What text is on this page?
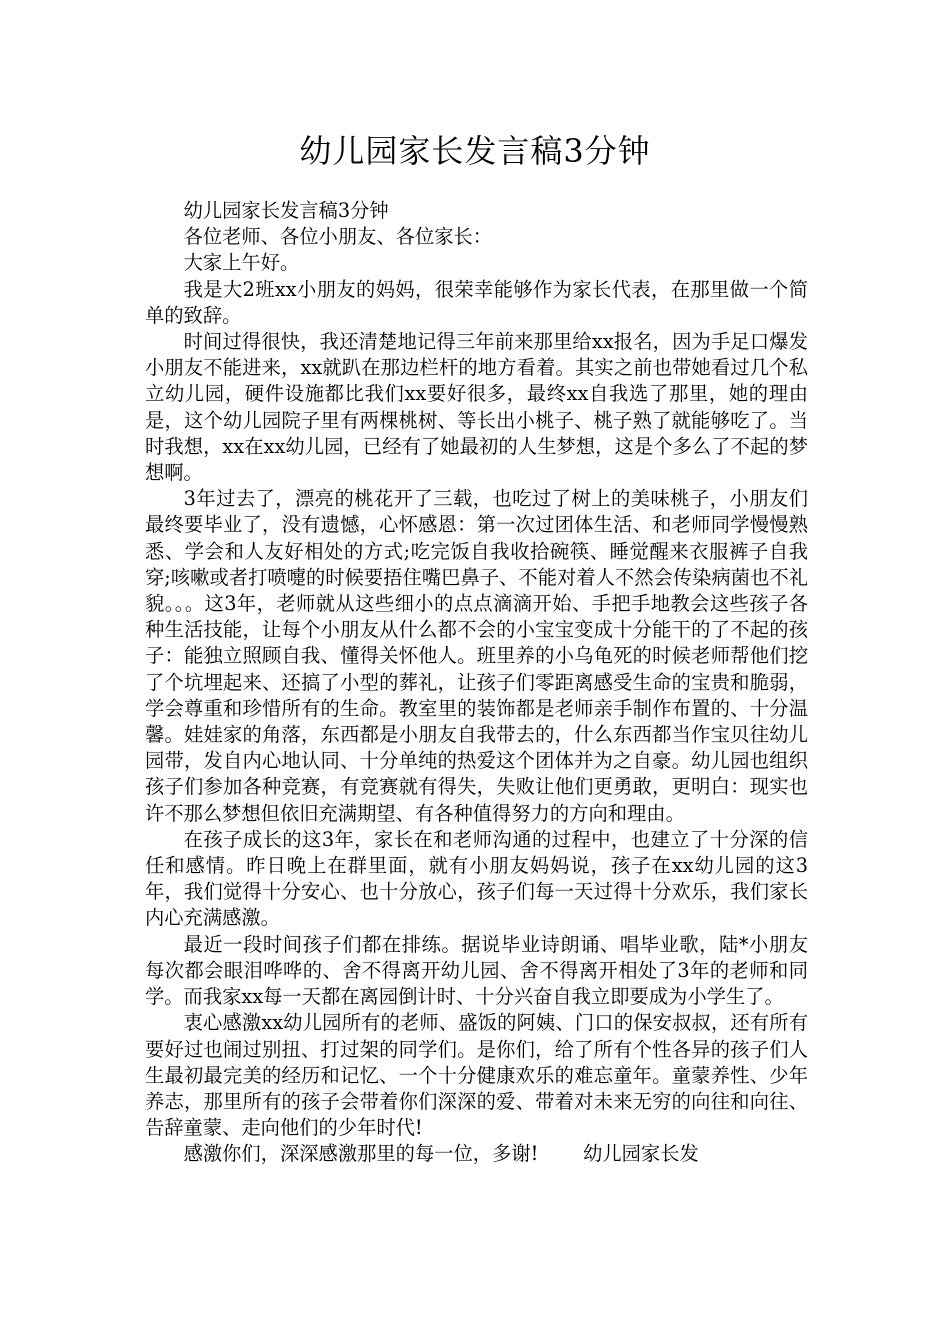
幼儿园家长发言稿3分钟

幼儿园家长发言稿3分钟

各位老师、各位小朋友、各位家长：

大家上午好。

我是大2班xx小朋友的妈妈，很荣幸能够作为家长代表，在那里做一个简单的致辞。

时间过得很快，我还清楚地记得三年前来那里给xx报名，因为手足口爆发小朋友不能进来，xx就趴在那边栏杆的地方看着。其实之前也带她看过几个私立幼儿园，硬件设施都比我们xx要好很多，最终xx自我选了那里，她的理由是，这个幼儿园院子里有两棵桃树、等长出小桃子、桃子熟了就能够吃了。当时我想，xx在xx幼儿园，已经有了她最初的人生梦想，这是个多么了不起的梦想啊。

3年过去了，漂亮的桃花开了三载，也吃过了树上的美味桃子，小朋友们最终要毕业了，没有遗憾，心怀感恩：第一次过团体生活、和老师同学慢慢熟悉、学会和人友好相处的方式;吃完饭自我收拾碗筷、睡觉醒来衣服裤子自我穿;咳嗽或者打喷嚏的时候要捂住嘴巴鼻子、不能对着人不然会传染病菌也不礼貌。。。这3年，老师就从这些细小的点点滴滴开始、手把手地教会这些孩子各种生活技能，让每个小朋友从什么都不会的小宝宝变成十分能干的了不起的孩子：能独立照顾自我、懂得关怀他人。班里养的小乌龟死的时候老师帮他们挖了个坑埋起来、还搞了小型的葬礼，让孩子们零距离感受生命的宝贵和脆弱，学会尊重和珍惜所有的生命。教室里的装饰都是老师亲手制作布置的、十分温馨。娃娃家的角落，东西都是小朋友自我带去的，什么东西都当作宝贝往幼儿园带，发自内心地认同、十分单纯的热爱这个团体并为之自豪。幼儿园也组织孩子们参加各种竞赛，有竞赛就有得失，失败让他们更勇敢，更明白：现实也许不那么梦想但依旧充满期望、有各种值得努力的方向和理由。

在孩子成长的这3年，家长在和老师沟通的过程中，也建立了十分深的信任和感情。昨日晚上在群里面，就有小朋友妈妈说，孩子在xx幼儿园的这3年，我们觉得十分安心、也十分放心，孩子们每一天过得十分欢乐，我们家长内心充满感激。

最近一段时间孩子们都在排练。据说毕业诗朗诵、唱毕业歌，陆*小朋友每次都会眼泪哗哗的、舍不得离开幼儿园、舍不得离开相处了3年的老师和同学。而我家xx每一天都在离园倒计时、十分兴奋自我立即要成为小学生了。

衷心感激xx幼儿园所有的老师、盛饭的阿姨、门口的保安叔叔，还有所有要好过也闹过别扭、打过架的同学们。是你们，给了所有个性各异的孩子们人生最初最完美的经历和记忆、一个十分健康欢乐的难忘童年。童蒙养性、少年养志，那里所有的孩子会带着你们深深的爱、带着对未来无穷的向往和向往、告辞童蒙、走向他们的少年时代!

感激你们，深深感激那里的每一位，多谢!　　 幼儿园家长发
